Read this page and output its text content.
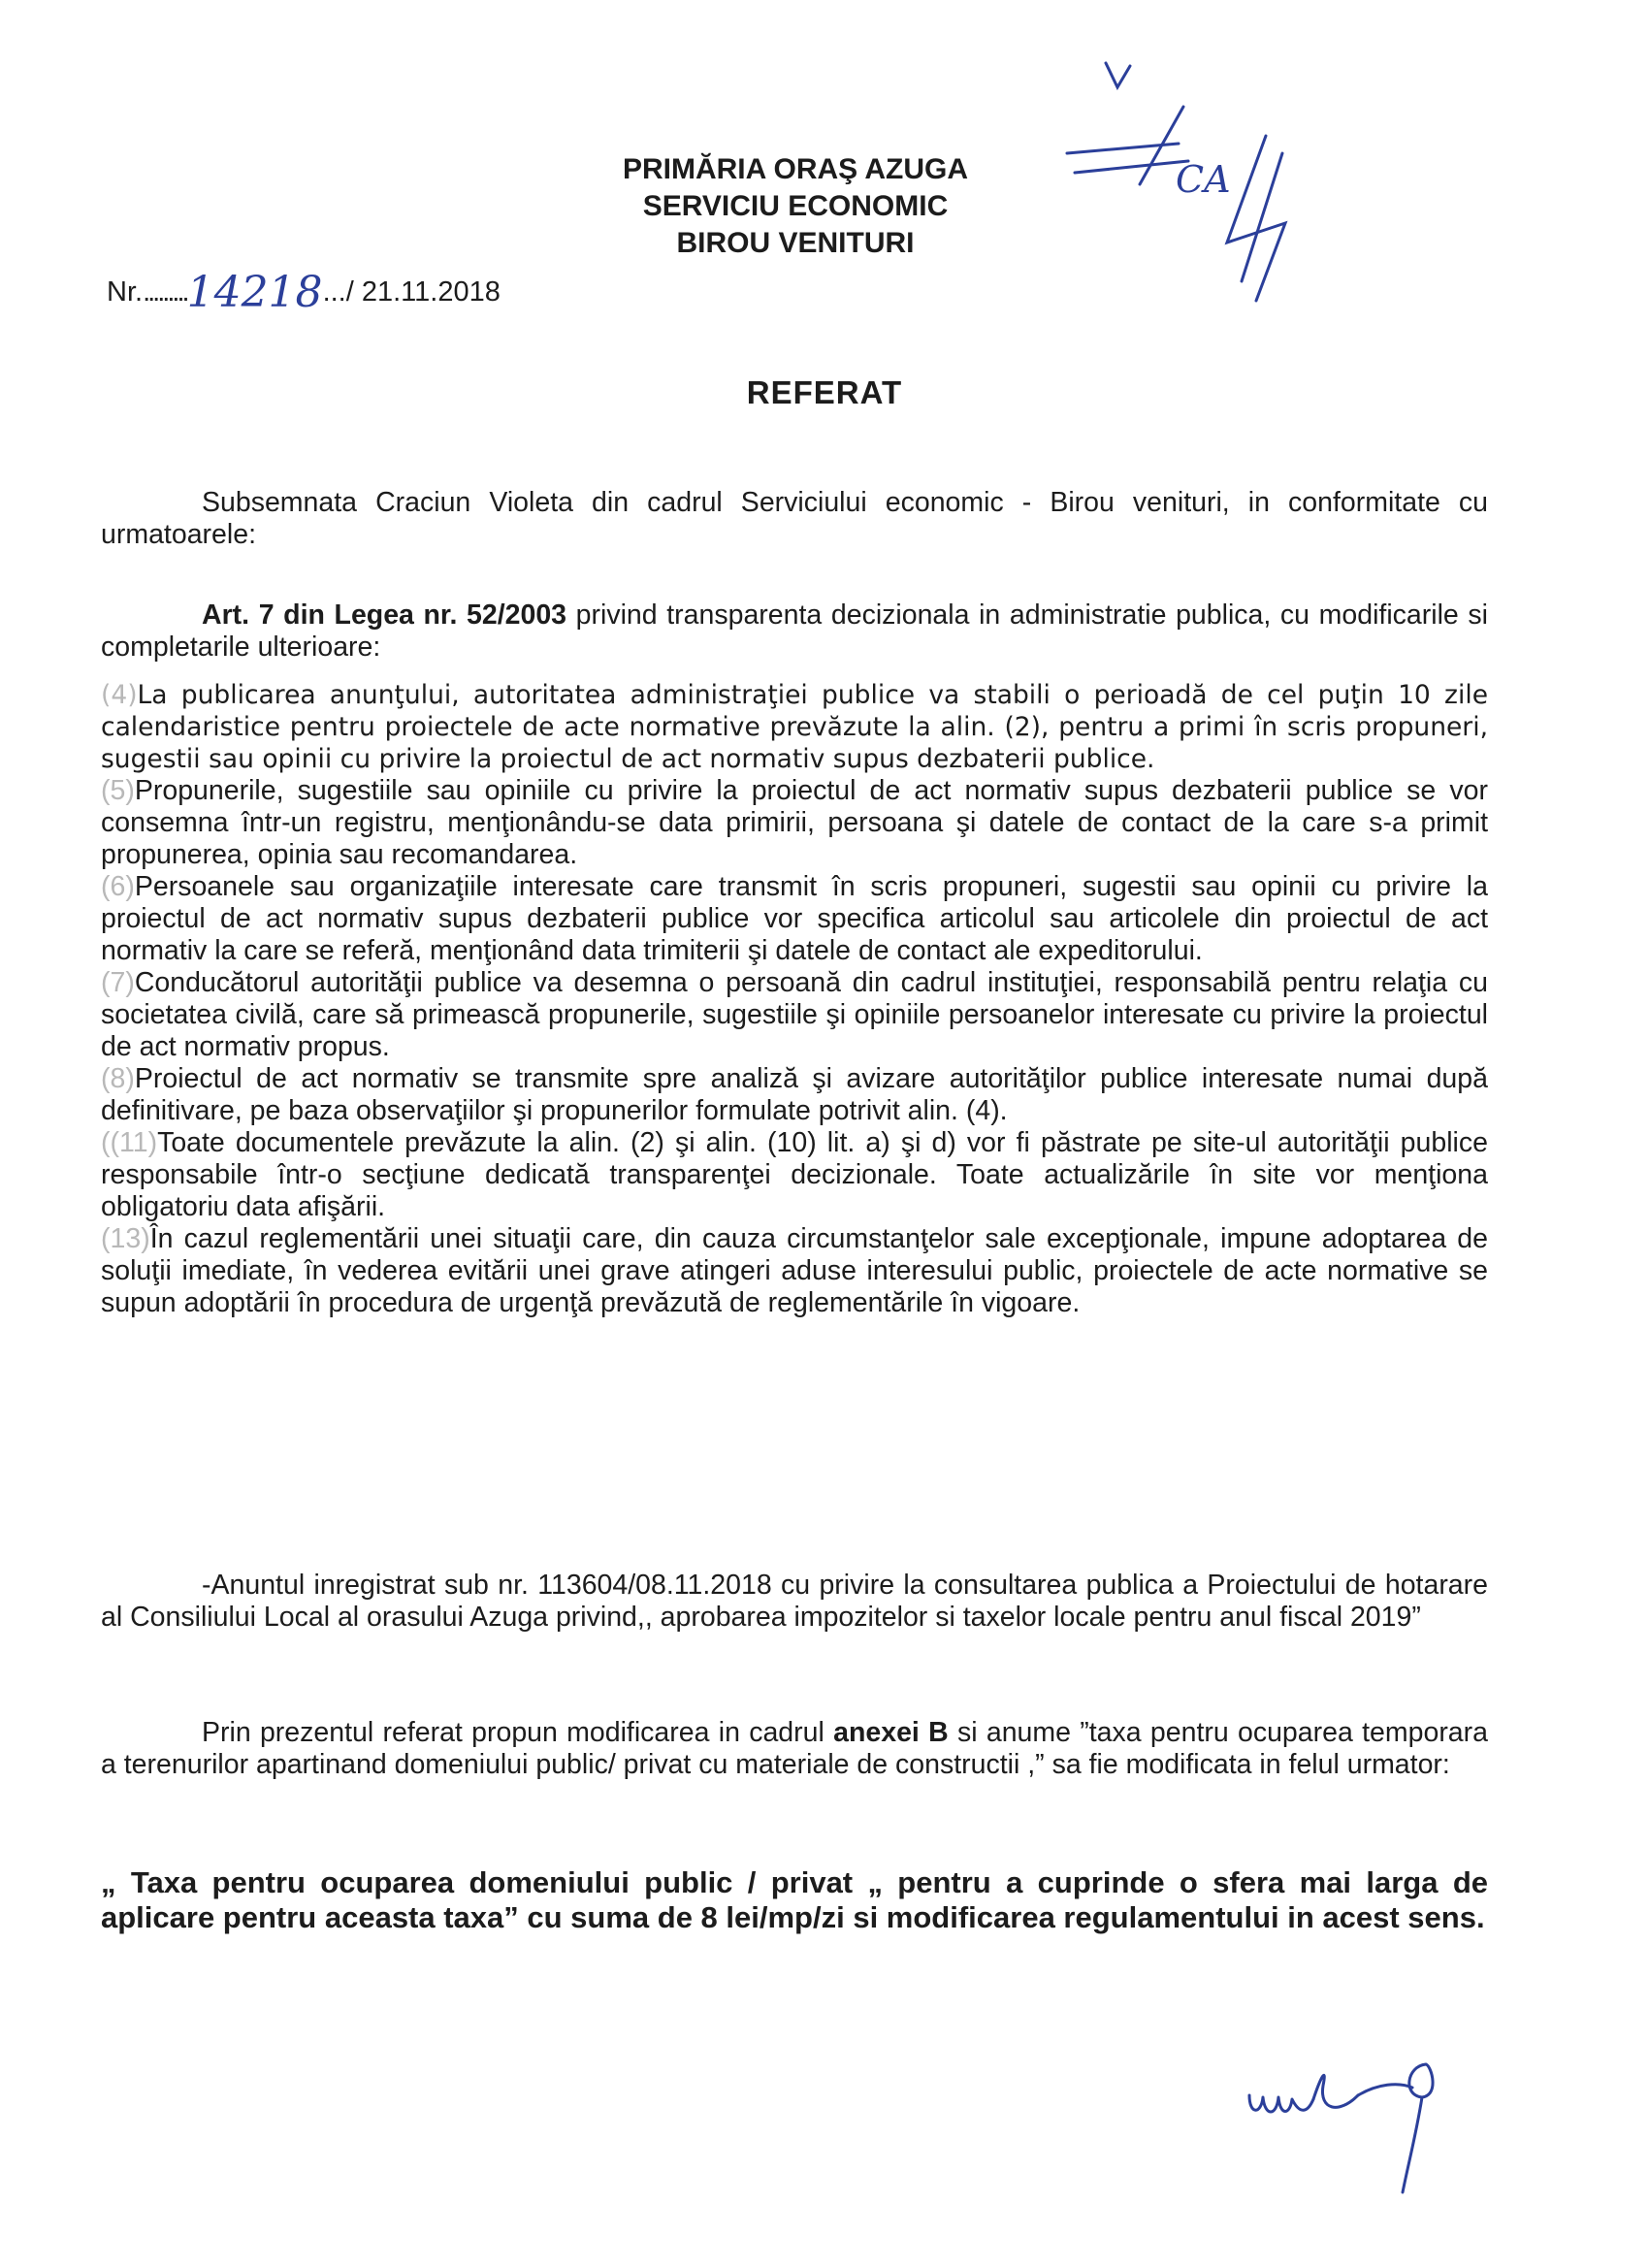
PRIMĂRIA ORAŞ AZUGA
SERVICIU ECONOMIC
BIROU VENITURI
Nr..........14218.../ 21.11.2018
CA
REFERAT

Subsemnata Craciun Violeta din cadrul Serviciului economic - Birou venituri, in conformitate cu urmatoarele:

Art. 7 din Legea nr. 52/2003 privind transparenta decizionala in administratie publica, cu modificarile si completarile ulterioare:

(4)La publicarea anunţului, autoritatea administraţiei publice va stabili o perioadă de cel puţin 10 zile calendaristice pentru proiectele de acte normative prevăzute la alin. (2), pentru a primi în scris propuneri, sugestii sau opinii cu privire la proiectul de act normativ supus dezbaterii publice.

(5)Propunerile, sugestiile sau opiniile cu privire la proiectul de act normativ supus dezbaterii publice se vor consemna într-un registru, menţionându-se data primirii, persoana şi datele de contact de la care s-a primit propunerea, opinia sau recomandarea.

(6)Persoanele sau organizaţiile interesate care transmit în scris propuneri, sugestii sau opinii cu privire la proiectul de act normativ supus dezbaterii publice vor specifica articolul sau articolele din proiectul de act normativ la care se referă, menţionând data trimiterii şi datele de contact ale expeditorului.

(7)Conducătorul autorităţii publice va desemna o persoană din cadrul instituţiei, responsabilă pentru relaţia cu societatea civilă, care să primească propunerile, sugestiile şi opiniile persoanelor interesate cu privire la proiectul de act normativ propus.

(8)Proiectul de act normativ se transmite spre analiză şi avizare autorităţilor publice interesate numai după definitivare, pe baza observaţiilor şi propunerilor formulate potrivit alin. (4).

((11)Toate documentele prevăzute la alin. (2) şi alin. (10) lit. a) şi d) vor fi păstrate pe site-ul autorităţii publice responsabile într-o secţiune dedicată transparenţei decizionale. Toate actualizările în site vor menţiona obligatoriu data afişării.

(13)În cazul reglementării unei situaţii care, din cauza circumstanţelor sale excepţionale, impune adoptarea de soluţii imediate, în vederea evitării unei grave atingeri aduse interesului public, proiectele de acte normative se supun adoptării în procedura de urgenţă prevăzută de reglementările în vigoare.

-Anuntul inregistrat sub nr. 113604/08.11.2018 cu privire la consultarea publica a Proiectului de hotarare al Consiliului Local al orasului Azuga privind,, aprobarea impozitelor si taxelor locale pentru anul fiscal 2019”

Prin prezentul referat propun modificarea in cadrul anexei B si anume ”taxa pentru ocuparea temporara a terenurilor apartinand domeniului public/ privat cu materiale de constructii ,” sa fie modificata in felul urmator:

„ Taxa pentru ocuparea domeniului public / privat „ pentru a cuprinde o sfera mai larga de aplicare pentru aceasta taxa” cu suma de 8 lei/mp/zi si modificarea regulamentului in acest sens.
